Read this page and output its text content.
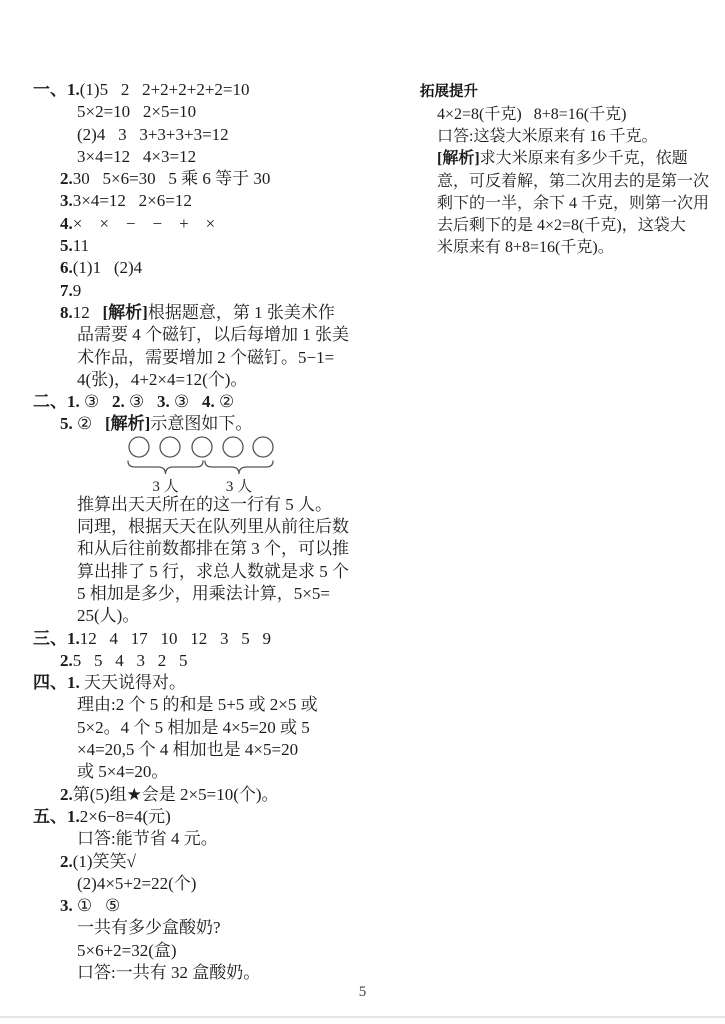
一、1.(1)5   2   2+2+2+2+2=10
5×2=10   2×5=10
(2)4   3   3+3+3+3=12
3×4=12   4×3=12
2.30   5×6=30   5 乘 6 等于 30
3.3×4=12   2×6=12
4.×    ×    −    −    +    ×
5.11
6.(1)1   (2)4
7.9
8.12   [解析]根据题意，第 1 张美术作
品需要 4 个磁钉，以后每增加 1 张美
术作品，需要增加 2 个磁钉。5−1=
4(张)，4+2×4=12(个)。
二、1. ③   2. ③   3. ③   4. ②
5. ②   [解析]示意图如下。
3 人	3 人
推算出天天所在的这一行有 5 人。
同理，根据天天在队列里从前往后数
和从后往前数都排在第 3 个，可以推
算出排了 5 行，求总人数就是求 5 个
5 相加是多少，用乘法计算，5×5=
25(人)。
三、1.12   4   17   10   12   3   5   9
2.5   5   4   3   2   5
四、1. 天天说得对。
理由:2 个 5 的和是 5+5 或 2×5 或
5×2。4 个 5 相加是 4×5=20 或 5
×4=20,5 个 4 相加也是 4×5=20
或 5×4=20。
2.第(5)组★会是 2×5=10(个)。
五、1.2×6−8=4(元)
口答:能节省 4 元。
2.(1)笑笑√
(2)4×5+2=22(个)
3. ①   ⑤
一共有多少盒酸奶?
5×6+2=32(盒)
口答:一共有 32 盒酸奶。
拓展提升
4×2=8(千克)   8+8=16(千克)
口答:这袋大米原来有 16 千克。
[解析]求大米原来有多少千克，依题
意，可反着解，第二次用去的是第一次
剩下的一半，余下 4 千克，则第一次用
去后剩下的是 4×2=8(千克)，这袋大
米原来有 8+8=16(千克)。
5
